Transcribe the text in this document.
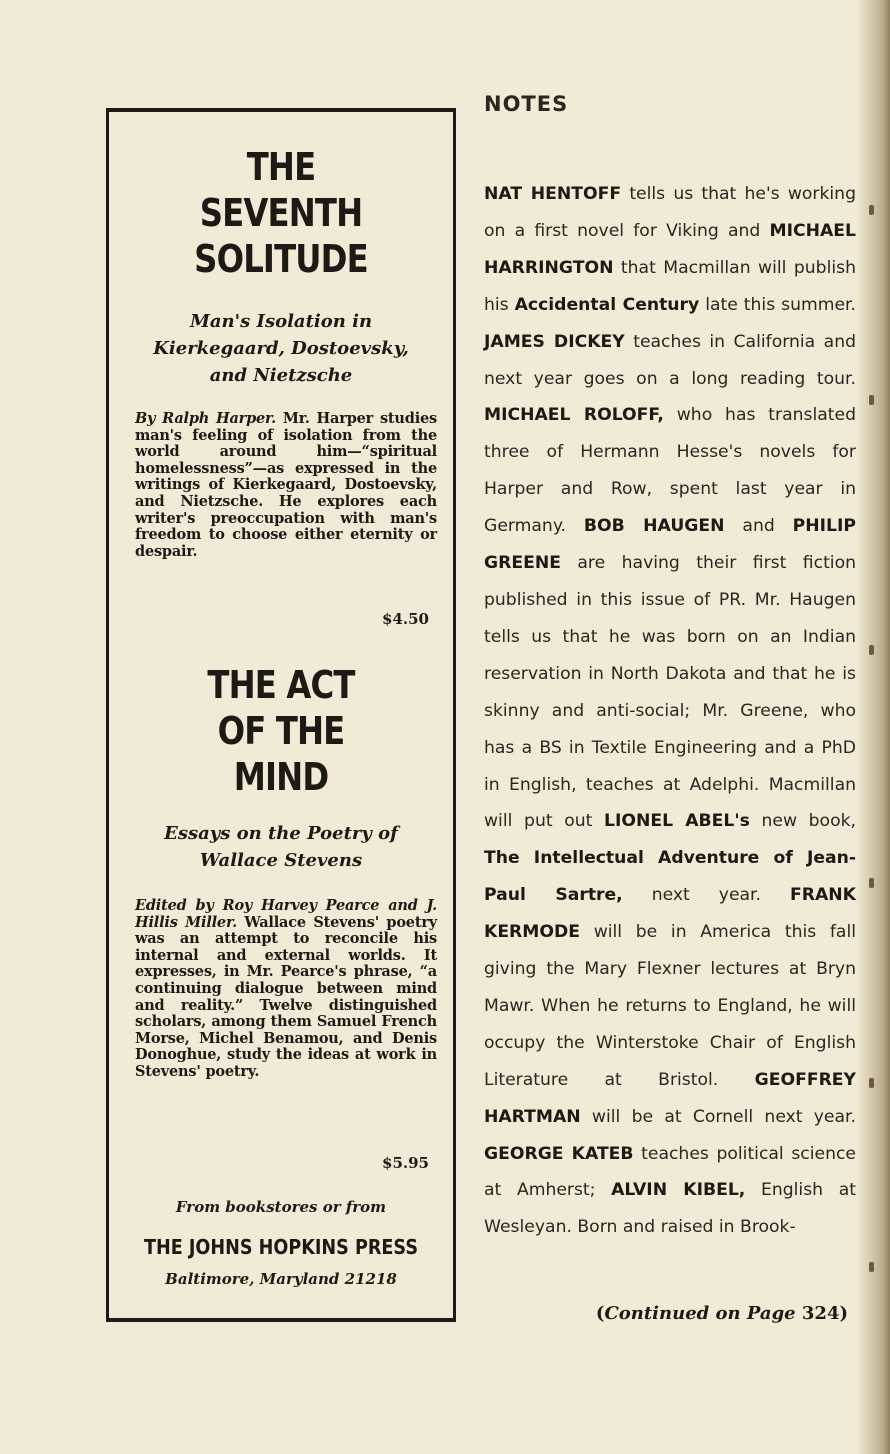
THE
SEVENTH
SOLITUDE
Man's Isolation in
Kierkegaard, Dostoevsky,
and Nietzsche
By Ralph Harper. Mr. Harper studies man's feeling of isolation from the world around him—“spiritual homelessness”—as expressed in the writings of Kierkegaard, Dostoevsky, and Nietzsche. He explores each writer's preoccupation with man's freedom to choose either eternity or despair.
$4.50
THE ACT
OF THE
MIND
Essays on the Poetry of
Wallace Stevens
Edited by Roy Harvey Pearce and J. Hillis Miller. Wallace Stevens' poetry was an attempt to reconcile his internal and external worlds. It expresses, in Mr. Pearce's phrase, “a continuing dialogue between mind and reality.” Twelve distinguished scholars, among them Samuel French Morse, Michel Benamou, and Denis Donoghue, study the ideas at work in Stevens' poetry.
$5.95
From bookstores or from
THE JOHNS HOPKINS PRESS
Baltimore, Maryland 21218
NOTES
NAT HENTOFF tells us that he's working on a first novel for Viking and MICHAEL HARRINGTON that Macmillan will publish his Accidental Century late this summer. JAMES DICKEY teaches in California and next year goes on a long reading tour. MICHAEL ROLOFF, who has translated three of Hermann Hesse's novels for Harper and Row, spent last year in Germany. BOB HAUGEN and PHILIP GREENE are having their first fiction published in this issue of PR. Mr. Haugen tells us that he was born on an Indian reservation in North Dakota and that he is skinny and anti-social; Mr. Greene, who has a BS in Textile Engineering and a PhD in English, teaches at Adelphi. Macmillan will put out LIONEL ABEL's new book, The Intellectual Adventure of Jean-Paul Sartre, next year. FRANK KERMODE will be in America this fall giving the Mary Flexner lectures at Bryn Mawr. When he returns to England, he will occupy the Winterstoke Chair of English Literature at Bristol. GEOFFREY HARTMAN will be at Cornell next year. GEORGE KATEB teaches political science at Amherst; ALVIN KIBEL, English at Wesleyan. Born and raised in Brook-
(Continued on Page 324)
